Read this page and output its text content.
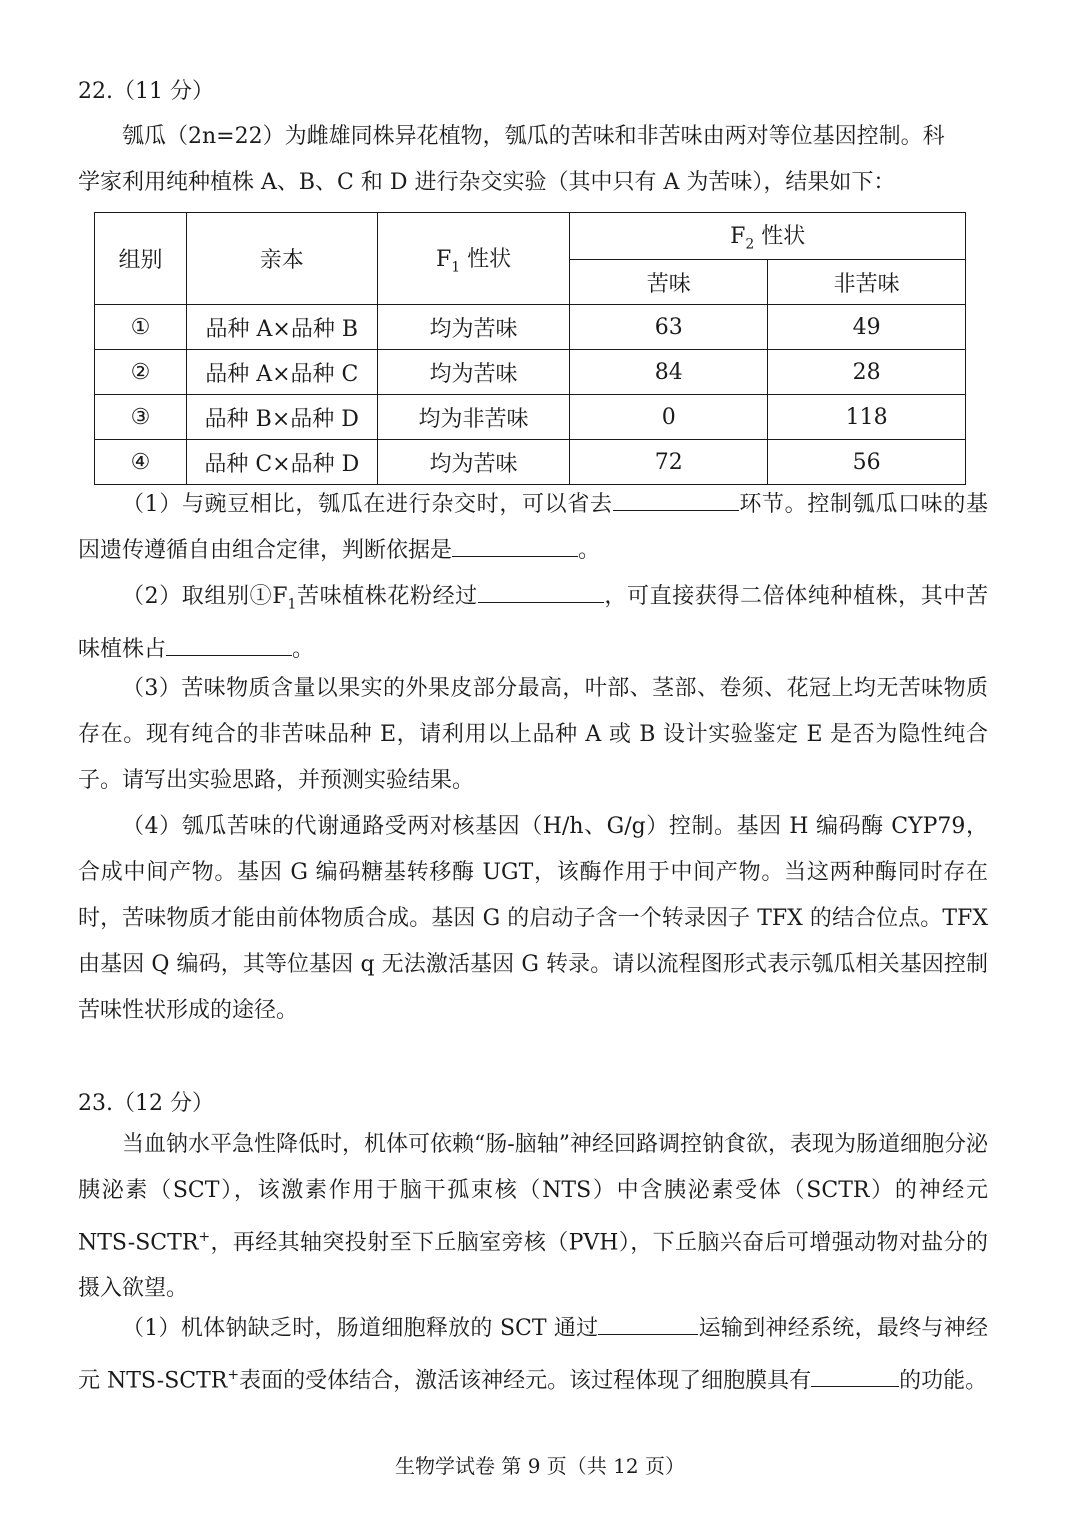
22.（11 分）
瓠瓜（2n=22）为雌雄同株异花植物，瓠瓜的苦味和非苦味由两对等位基因控制。科
学家利用纯种植株 A、B、C 和 D 进行杂交实验（其中只有 A 为苦味），结果如下：
组别	亲本	$F_1$ 性状	$F_2$ 性状	
			苦味	非苦味
①	品种 A×品种 B	均为苦味	63	49
②	品种 A×品种 C	均为苦味	84	28
③	品种 B×品种 D	均为非苦味	0	118
④	品种 C×品种 D	均为苦味	72	56
（1）与豌豆相比，瓠瓜在进行杂交时，可以省去	环节。控制瓠瓜口味的基因遗传遵循自由组合定律，判断依据是	。
（2）取组别$①F_1$苦味植株花粉经过	，可直接获得二倍体纯种植株，其中苦味植株占	。
（3）苦味物质含量以果实的外果皮部分最高，叶部、茎部、卷须、花冠上均无苦味物质存在。现有纯合的非苦味品种 E，请利用以上品种 A 或 B 设计实验鉴定 E 是否为隐性纯合子。请写出实验思路，并预测实验结果。
（4）瓠瓜苦味的代谢通路受两对核基因（H/h、G/g）控制。基因 H 编码酶 CYP79，合成中间产物。基因 G 编码糖基转移酶 UGT，该酶作用于中间产物。当这两种酶同时存在时，苦味物质才能由前体物质合成。基因 G 的启动子含一个转录因子 TFX 的结合位点。TFX 由基因 Q 编码，其等位基因 q 无法激活基因 G 转录。请以流程图形式表示瓠瓜相关基因控制苦味性状形成的途径。
23.（12 分）
当血钠水平急性降低时，机体可依赖“肠-脑轴”神经回路调控钠食欲，表现为肠道细胞分泌胰泌素（SCT），该激素作用于脑干孤束核（NTS）中含胰泌素受体（SCTR）的神经元 NTS-SCTR+，再经其轴突投射至下丘脑室旁核（PVH），下丘脑兴奋后可增强动物对盐分的摄入欲望。
（1）机体钠缺乏时，肠道细胞释放的 SCT 通过	运输到神经系统，最终与神经元 NTS-SCTR+表面的受体结合，激活该神经元。该过程体现了细胞膜具有	的功能。
生物学试卷 第 9 页（共 12 页）
